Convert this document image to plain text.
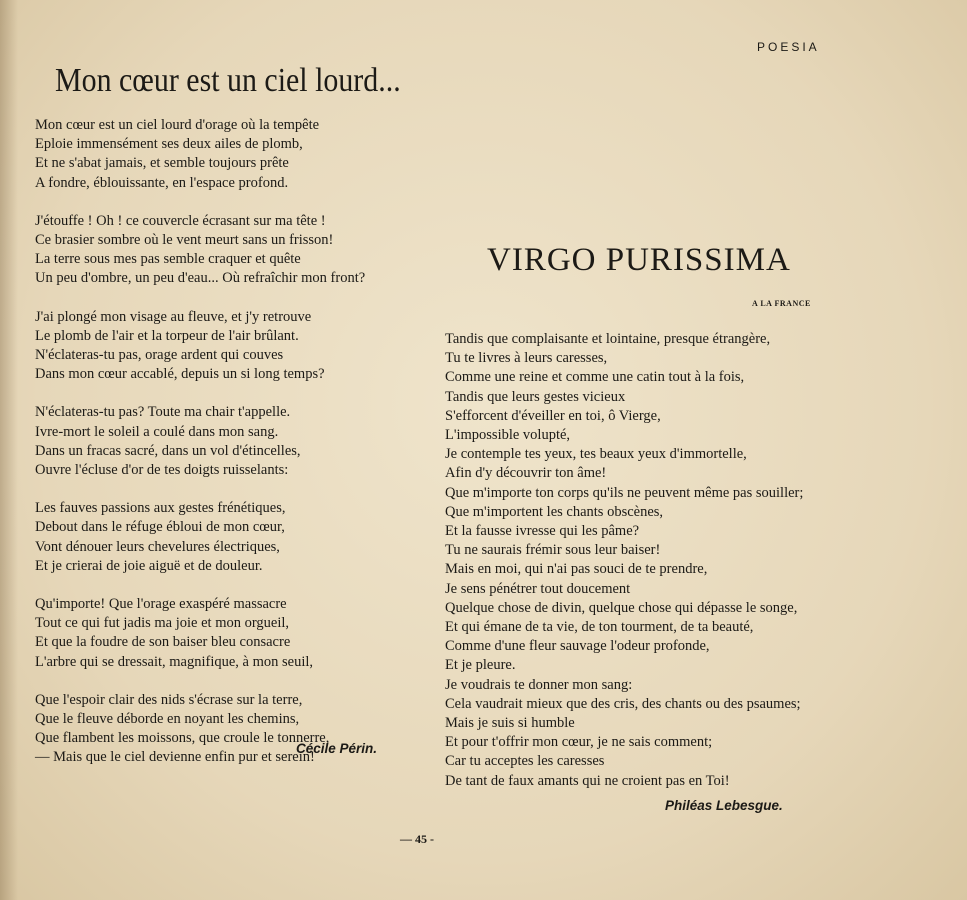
POESIA
Mon cœur est un ciel lourd...
Mon cœur est un ciel lourd d'orage où la tempête
Eploie immensément ses deux ailes de plomb,
Et ne s'abat jamais, et semble toujours prête
A fondre, éblouissante, en l'espace profond.
J'étouffe ! Oh ! ce couvercle écrasant sur ma tête !
Ce brasier sombre où le vent meurt sans un frisson!
La terre sous mes pas semble craquer et quête
Un peu d'ombre, un peu d'eau... Où refraîchir mon front?
J'ai plongé mon visage au fleuve, et j'y retrouve
Le plomb de l'air et la torpeur de l'air brûlant.
N'éclateras-tu pas, orage ardent qui couves
Dans mon cœur accablé, depuis un si long temps?
N'éclateras-tu pas? Toute ma chair t'appelle.
Ivre-mort le soleil a coulé dans mon sang.
Dans un fracas sacré, dans un vol d'étincelles,
Ouvre l'écluse d'or de tes doigts ruisselants:
Les fauves passions aux gestes frénétiques,
Debout dans le réfuge ébloui de mon cœur,
Vont dénouer leurs chevelures électriques,
Et je crierai de joie aiguë et de douleur.
Qu'importe! Que l'orage exaspéré massacre
Tout ce qui fut jadis ma joie et mon orgueil,
Et que la foudre de son baiser bleu consacre
L'arbre qui se dressait, magnifique, à mon seuil,
Que l'espoir clair des nids s'écrase sur la terre,
Que le fleuve déborde en noyant les chemins,
Que flambent les moissons, que croule le tonnerre,
— Mais que le ciel devienne enfin pur et serein!
Cécile Périn.
VIRGO PURISSIMA
A LA FRANCE
Tandis que complaisante et lointaine, presque étrangère,
Tu te livres à leurs caresses,
Comme une reine et comme une catin tout à la fois,
Tandis que leurs gestes vicieux
S'efforcent d'éveiller en toi, ô Vierge,
L'impossible volupté,
Je contemple tes yeux, tes beaux yeux d'immortelle,
Afin d'y découvrir ton âme!
Que m'importe ton corps qu'ils ne peuvent même pas souiller;
Que m'importent les chants obscènes,
Et la fausse ivresse qui les pâme?
Tu ne saurais frémir sous leur baiser!
Mais en moi, qui n'ai pas souci de te prendre,
Je sens pénétrer tout doucement
Quelque chose de divin, quelque chose qui dépasse le songe,
Et qui émane de ta vie, de ton tourment, de ta beauté,
Comme d'une fleur sauvage l'odeur profonde,
Et je pleure.
Je voudrais te donner mon sang:
Cela vaudrait mieux que des cris, des chants ou des psaumes;
Mais je suis si humble
Et pour t'offrir mon cœur, je ne sais comment;
Car tu acceptes les caresses
De tant de faux amants qui ne croient pas en Toi!
Philéas Lebesgue.
— 45 -
